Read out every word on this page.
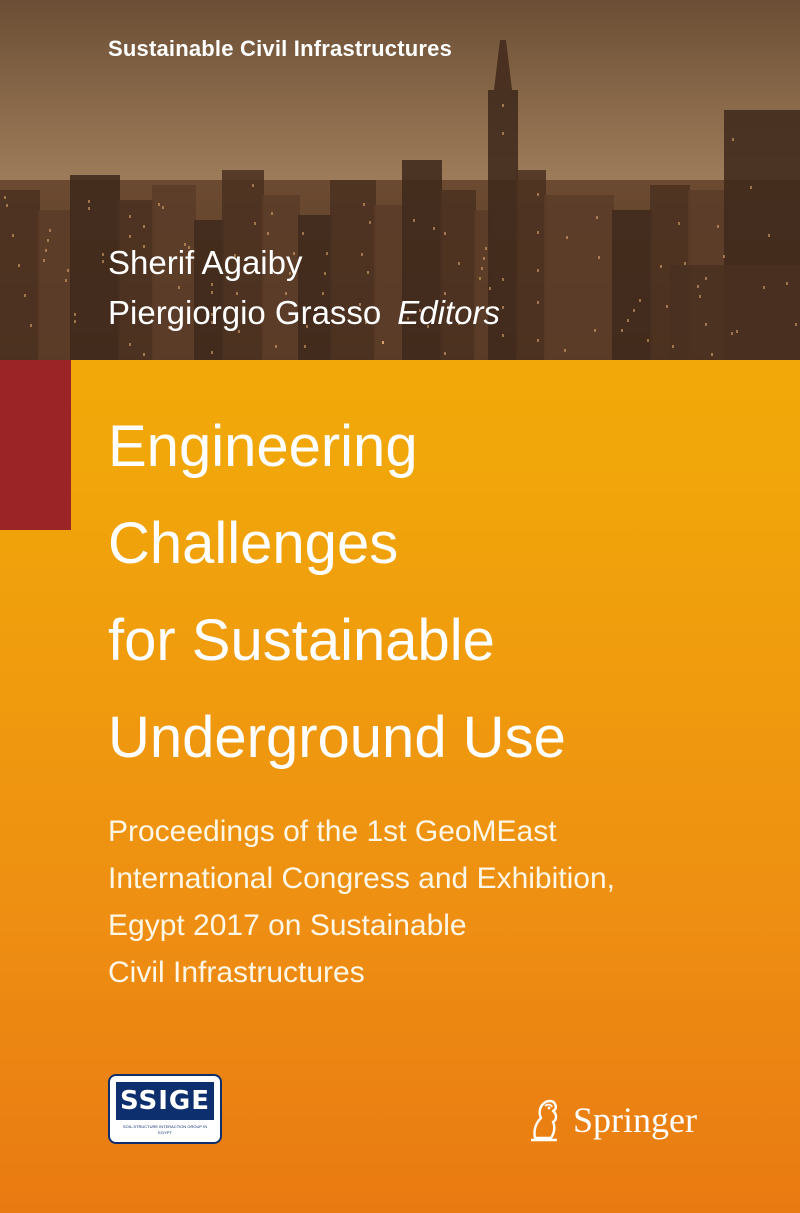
Sustainable Civil Infrastructures
Sherif Agaiby
Piergiorgio Grasso Editors
Engineering
Challenges
for Sustainable
Underground Use
Proceedings of the 1st GeoMEast
International Congress and Exhibition,
Egypt 2017 on Sustainable
Civil Infrastructures
SSIGE
SOIL-STRUCTURE INTERACTION GROUP IN EGYPT	Springer
